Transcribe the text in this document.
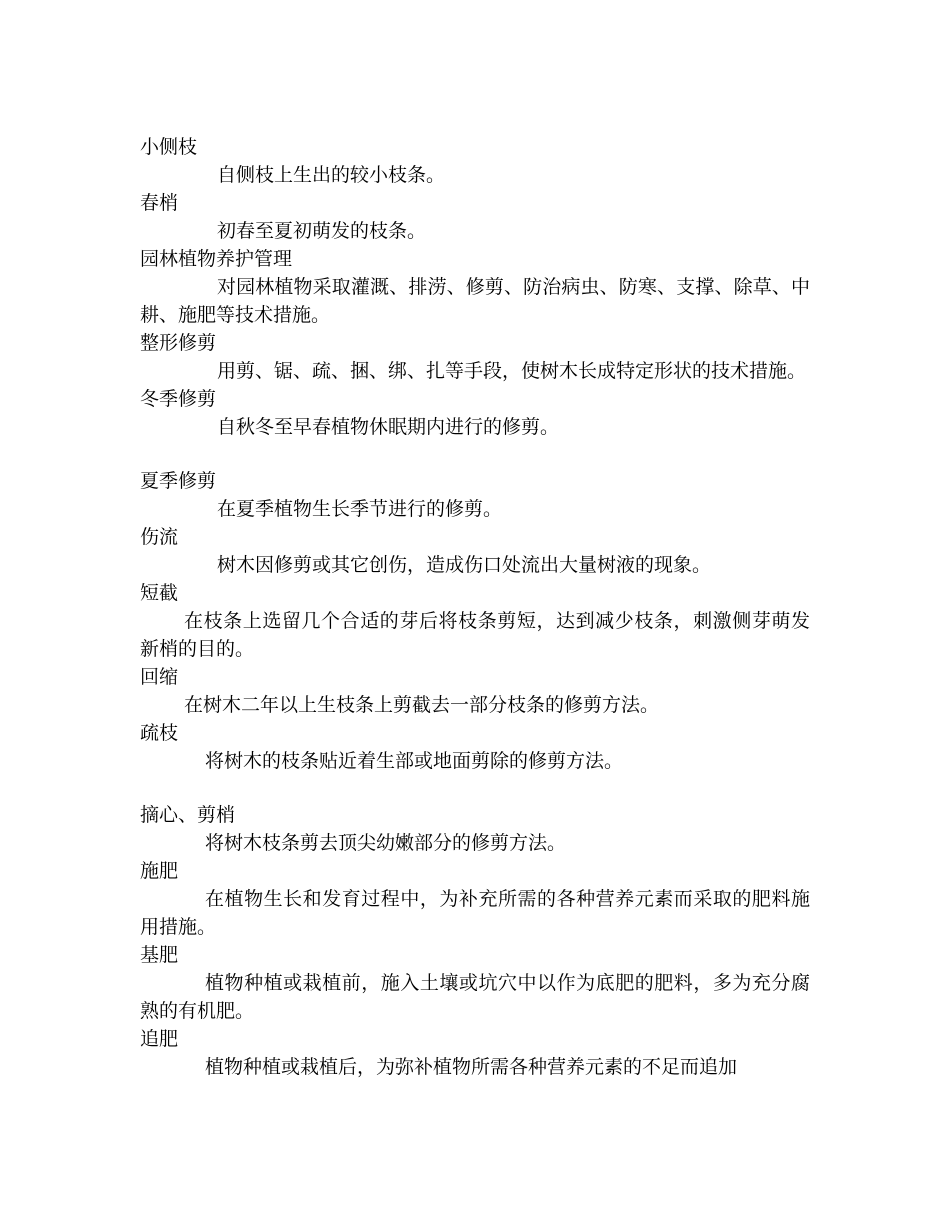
小侧枝
自侧枝上生出的较小枝条。
春梢
初春至夏初萌发的枝条。
园林植物养护管理
对园林植物采取灌溉、排涝、修剪、防治病虫、防寒、支撑、除草、中耕、施肥等技术措施。
整形修剪
用剪、锯、疏、捆、绑、扎等手段，使树木长成特定形状的技术措施。
冬季修剪
自秋冬至早春植物休眠期内进行的修剪。
夏季修剪
在夏季植物生长季节进行的修剪。
伤流
树木因修剪或其它创伤，造成伤口处流出大量树液的现象。
短截
在枝条上选留几个合适的芽后将枝条剪短，达到减少枝条，刺激侧芽萌发新梢的目的。
回缩
在树木二年以上生枝条上剪截去一部分枝条的修剪方法。
疏枝
将树木的枝条贴近着生部或地面剪除的修剪方法。
摘心、剪梢
将树木枝条剪去顶尖幼嫩部分的修剪方法。
施肥
在植物生长和发育过程中，为补充所需的各种营养元素而采取的肥料施用措施。
基肥
植物种植或栽植前，施入土壤或坑穴中以作为底肥的肥料，多为充分腐熟的有机肥。
追肥
植物种植或栽植后，为弥补植物所需各种营养元素的不足而追加
